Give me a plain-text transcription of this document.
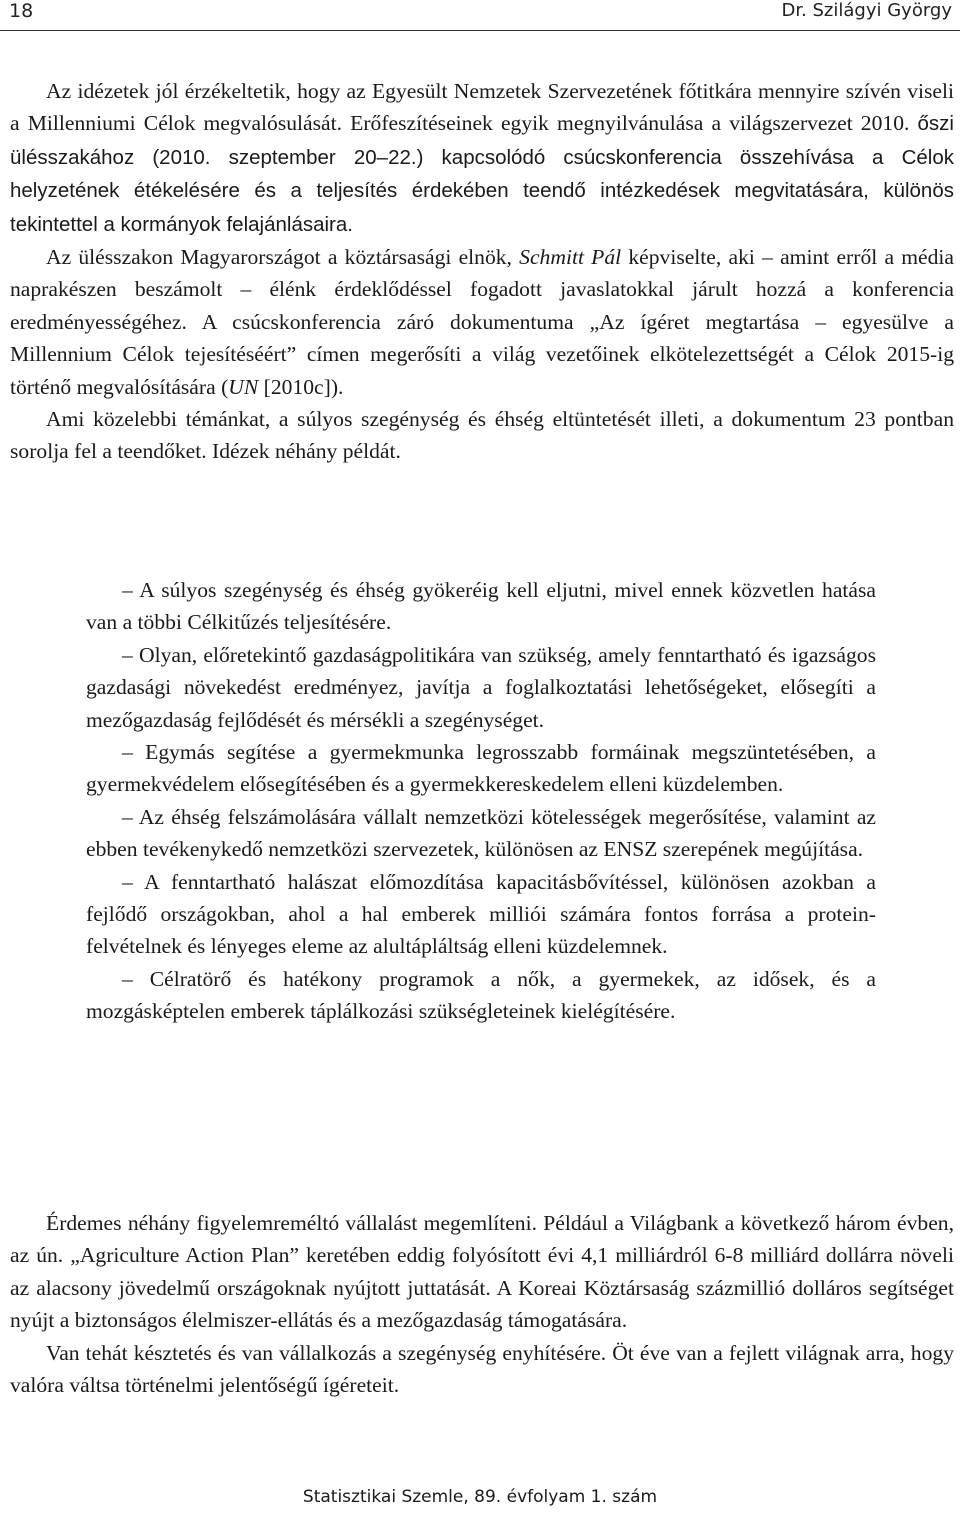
18	Dr. Szilágyi György

Az idézetek jól érzékeltetik, hogy az Egyesült Nemzetek Szervezetének főtitkára mennyire szívén viseli a Millenniumi Célok megvalósulását. Erőfeszítéseinek egyik megnyilvánulása a világszervezet 2010. őszi ülésszakához (2010. szeptember 20–22.) kapcsolódó csúcskonferencia összehívása a Célok helyzetének étékelésére és a teljesítés érdekében teendő intézkedések megvitatására, különös tekintettel a kormányok felajánlásaira.

Az ülésszakon Magyarországot a köztársasági elnök, Schmitt Pál képviselte, aki – amint erről a média naprakészen beszámolt – élénk érdeklődéssel fogadott javaslatokkal járult hozzá a konferencia eredményességéhez. A csúcskonferencia záró dokumentuma „Az ígéret megtartása – egyesülve a Millennium Célok tejesítéséért” címen megerősíti a világ vezetőinek elkötelezettségét a Célok 2015-ig történő megvalósítására (UN [2010c]).

Ami közelebbi témánkat, a súlyos szegénység és éhség eltüntetését illeti, a dokumentum 23 pontban sorolja fel a teendőket. Idézek néhány példát.

– A súlyos szegénység és éhség gyökeréig kell eljutni, mivel ennek közvetlen hatása van a többi Célkitűzés teljesítésére.

– Olyan, előretekintő gazdaságpolitikára van szükség, amely fenntartható és igazságos gazdasági növekedést eredményez, javítja a foglalkoztatási lehetőségeket, elősegíti a mezőgazdaság fejlődését és mérsékli a szegénységet.

– Egymás segítése a gyermekmunka legrosszabb formáinak megszüntetésében, a gyermekvédelem elősegítésében és a gyermekkereskedelem elleni küzdelemben.

– Az éhség felszámolására vállalt nemzetközi kötelességek megerősítése, valamint az ebben tevékenykedő nemzetközi szervezetek, különösen az ENSZ szerepének megújítása.

– A fenntartható halászat előmozdítása kapacitásbővítéssel, különösen azokban a fejlődő országokban, ahol a hal emberek milliói számára fontos forrása a protein-felvételnek és lényeges eleme az alultápláltság elleni küzdelemnek.

– Célratörő és hatékony programok a nők, a gyermekek, az idősek, és a mozgásképtelen emberek táplálkozási szükségleteinek kielégítésére.

Érdemes néhány figyelemreméltó vállalást megemlíteni. Például a Világbank a következő három évben, az ún. „Agriculture Action Plan” keretében eddig folyósított évi 4,1 milliárdról 6-8 milliárd dollárra növeli az alacsony jövedelmű országoknak nyújtott juttatását. A Koreai Köztársaság százmillió dolláros segítséget nyújt a biztonságos élelmiszer-ellátás és a mezőgazdaság támogatására.

Van tehát késztetés és van vállalkozás a szegénység enyhítésére. Öt éve van a fejlett világnak arra, hogy valóra váltsa történelmi jelentőségű ígéreteit.

Statisztikai Szemle, 89. évfolyam 1. szám
